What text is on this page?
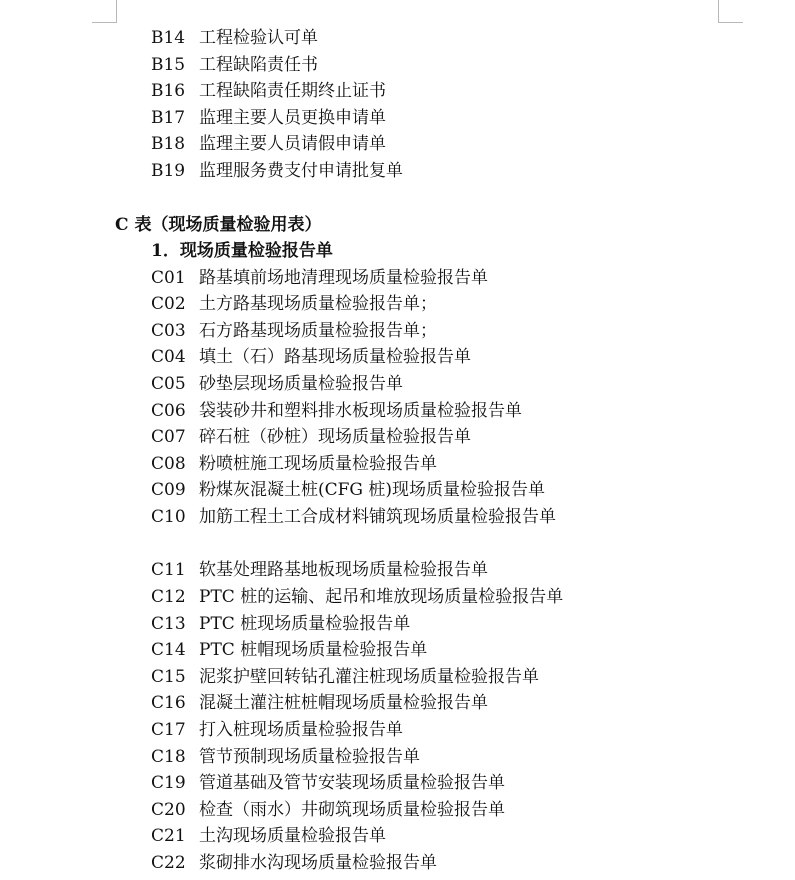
B14 工程检验认可单
B15 工程缺陷责任书
B16 工程缺陷责任期终止证书
B17 监理主要人员更换申请单
B18 监理主要人员请假申请单
B19 监理服务费支付申请批复单
C 表（现场质量检验用表）
1．现场质量检验报告单
C01 路基填前场地清理现场质量检验报告单
C02 土方路基现场质量检验报告单；
C03 石方路基现场质量检验报告单；
C04 填土（石）路基现场质量检验报告单
C05 砂垫层现场质量检验报告单
C06 袋装砂井和塑料排水板现场质量检验报告单
C07 碎石桩（砂桩）现场质量检验报告单
C08 粉喷桩施工现场质量检验报告单
C09 粉煤灰混凝土桩(CFG 桩)现场质量检验报告单
C10 加筋工程土工合成材料铺筑现场质量检验报告单
C11 软基处理路基地板现场质量检验报告单
C12 PTC 桩的运输、起吊和堆放现场质量检验报告单
C13 PTC 桩现场质量检验报告单
C14 PTC 桩帽现场质量检验报告单
C15 泥浆护壁回转钻孔灌注桩现场质量检验报告单
C16 混凝土灌注桩桩帽现场质量检验报告单
C17 打入桩现场质量检验报告单
C18 管节预制现场质量检验报告单
C19 管道基础及管节安装现场质量检验报告单
C20 检查（雨水）井砌筑现场质量检验报告单
C21 土沟现场质量检验报告单
C22 浆砌排水沟现场质量检验报告单
